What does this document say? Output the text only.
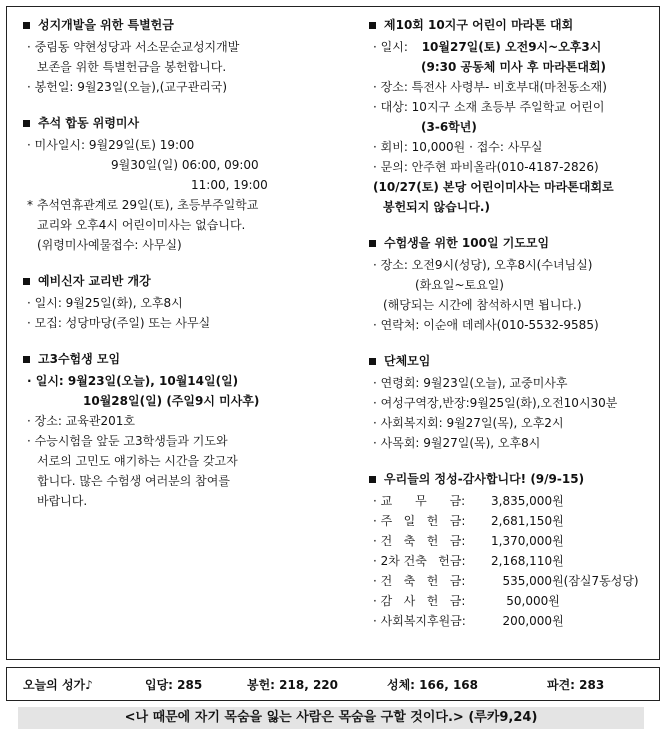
성지개발을 위한 특별헌금
· 중림동 약현성당과 서소문순교성지개발
보존을 위한 특별헌금을 봉헌합니다.
· 봉헌일: 9월23일(오늘),(교구관리국)
추석 합동 위령미사
· 미사일시: 9월29일(토) 19:00
9월30일(일) 06:00, 09:00
11:00, 19:00
* 추석연휴관계로 29일(토), 초등부주일학교
교리와 오후4시 어린이미사는 없습니다.
(위령미사예물접수: 사무실)
예비신자 교리반 개강
· 일시: 9월25일(화), 오후8시
· 모집: 성당마당(주일) 또는 사무실
고3수험생 모임
· 일시: 9월23일(오늘), 10월14일(일)
10월28일(일) (주일9시 미사후)
· 장소: 교육관201호
· 수능시험을 앞둔 고3학생들과 기도와
서로의 고민도 얘기하는 시간을 갖고자
합니다. 많은 수험생 여러분의 참여를
바랍니다.
제10회 10지구 어린이 마라톤 대회
· 일시: 10월27일(토) 오전9시~오후3시
(9:30 공동체 미사 후 마라톤대회)
· 장소: 특전사 사령부- 비호부대(마천동소재)
· 대상: 10지구 소재 초등부 주일학교 어린이
(3-6학년)
· 회비: 10,000원 · 접수: 사무실
· 문의: 안주현 파비올라(010-4187-2826)
(10/27(토) 본당 어린이미사는 마라톤대회로
봉헌되지 않습니다.)
수험생을 위한 100일 기도모임
· 장소: 오전9시(성당), 오후8시(수녀님실)
(화요일~토요일)
(해당되는 시간에 참석하시면 됩니다.)
· 연락처: 이순애 데레사(010-5532-9585)
단체모임
· 연령회: 9월23일(오늘), 교중미사후
· 여성구역장,반장:9월25일(화),오전10시30분
· 사회복지회: 9월27일(목), 오후2시
· 사목회: 9월27일(목), 오후8시
우리들의 정성-감사합니다! (9/9-15)
· 교      무      금:	3,835,000원
· 주   일   헌   금:	2,681,150원
· 건   축   헌   금:	1,370,000원
· 2차 건축   헌금:	2,168,110원
· 건   축   헌   금:	535,000원(잠실7동성당)
· 감   사   헌   금:	50,000원
· 사회복지후원금:	200,000원
오늘의 성가♪	입당: 285	봉헌: 218, 220	성체: 166, 168	파견: 283
<나 때문에 자기 목숨을 잃는 사람은 목숨을 구할 것이다.> (루카9,24)
